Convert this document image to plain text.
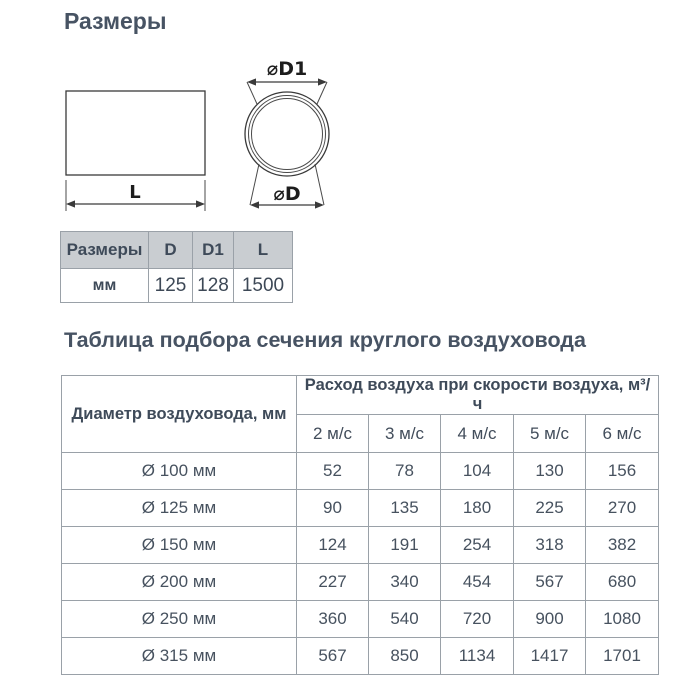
Размеры
L
⌀D1
⌀D
Размеры	D	D1	L
мм	125	128	1500
Таблица подбора сечения круглого воздуховода
Диаметр воздуховода, мм	Расход воздуха при скорости воздуха, м³/ч				
	2 м/с	3 м/с	4 м/с	5 м/с	6 м/с
Ø 100 мм	52	78	104	130	156
Ø 125 мм	90	135	180	225	270
Ø 150 мм	124	191	254	318	382
Ø 200 мм	227	340	454	567	680
Ø 250 мм	360	540	720	900	1080
Ø 315 мм	567	850	1134	1417	1701
